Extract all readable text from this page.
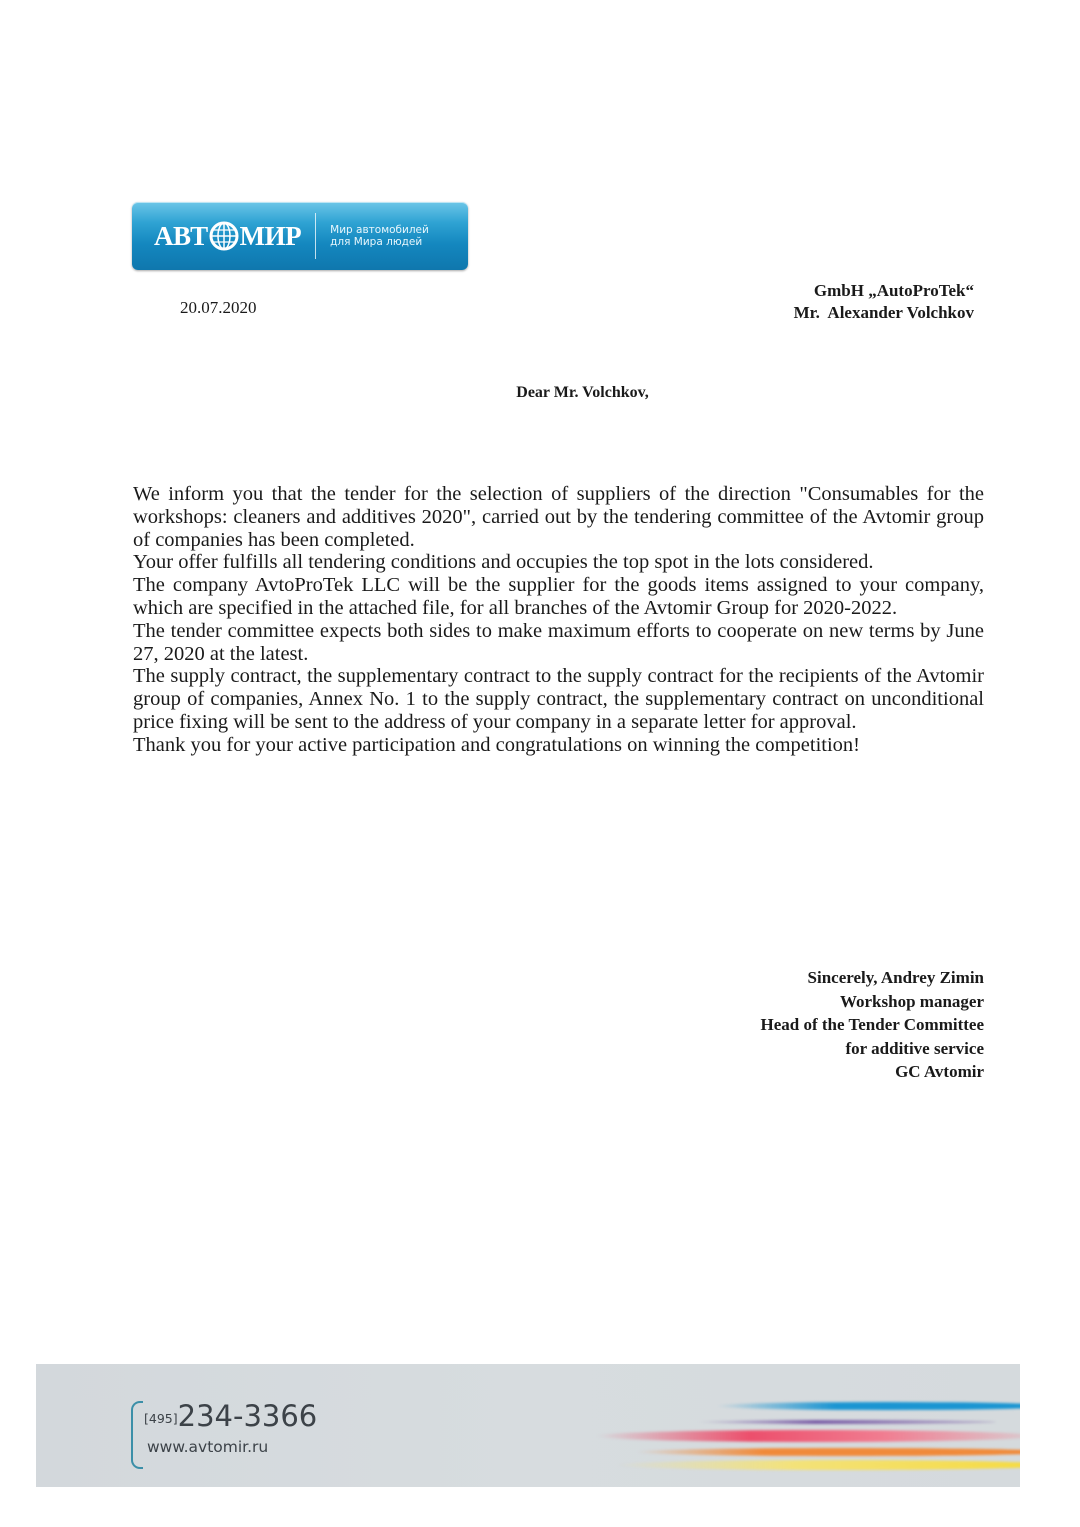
АВТ МИР	Мир автомобилей
для Мира людей
20.07.2020
GmbH „AutoProTek“
Mr.  Alexander Volchkov
Dear Mr. Volchkov,

We inform you that the tender for the selection of suppliers of the direction "Consumables for the workshops: cleaners and additives 2020", carried out by the tendering committee of the Avtomir group of companies has been completed.

Your offer fulfills all tendering conditions and occupies the top spot in the lots considered.

The company AvtoProTek LLC will be the supplier for the goods items assigned to your company, which are specified in the attached file, for all branches of the Avtomir Group for 2020-2022.

The tender committee expects both sides to make maximum efforts to cooperate on new terms by June 27, 2020 at the latest.

The supply contract, the supplementary contract to the supply contract for the recipients of the Avtomir group of companies, Annex No. 1 to the supply contract, the supplementary contract on unconditional price fixing will be sent to the address of your company in a separate letter for approval.

Thank you for your active participation and congratulations on winning the competition!

Sincerely, Andrey Zimin
Workshop manager
Head of the Tender Committee
for additive service
GC Avtomir
[495]234-3366
www.avtomir.ru
